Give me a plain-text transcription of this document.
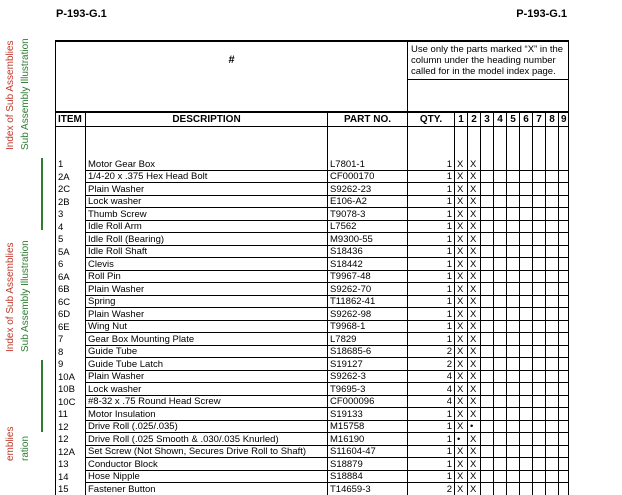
Index of Sub Assemblies Sub Assembly Illustration
Index of Sub Assemblies Sub Assembly Illustration
emblies ration
P-193-G.1	P-193-G.1
#			Use only the parts marked “X” in the column under the heading number called for in the model index page.									

ITEM	DESCRIPTION	PART NO.	QTY.	1	2	3	4	5	6	7	8	9

1	Motor Gear Box	L7801-1	1	X	X							
2A	1/4-20 x .375 Hex Head Bolt	CF000170	1	X	X							
2C	Plain Washer	S9262-23	1	X	X							
2B	Lock washer	E106-A2	1	X	X							
3	Thumb Screw	T9078-3	1	X	X							
4	Idle Roll Arm	L7562	1	X	X							
5	Idle Roll (Bearing)	M9300-55	1	X	X							
5A	Idle Roll Shaft	S18436	1	X	X							
6	Clevis	S18442	1	X	X							
6A	Roll Pin	T9967-48	1	X	X							
6B	Plain Washer	S9262-70	1	X	X							
6C	Spring	T11862-41	1	X	X							
6D	Plain Washer	S9262-98	1	X	X							
6E	Wing Nut	T9968-1	1	X	X							
7	Gear Box Mounting Plate	L7829	1	X	X							
8	Guide Tube	S18685-6	2	X	X							
9	Guide Tube Latch	S19127	2	X	X							
10A	Plain Washer	S9262-3	4	X	X							
10B	Lock washer	T9695-3	4	X	X							
10C	#8-32 x .75 Round Head Screw	CF000096	4	X	X							
11	Motor Insulation	S19133	1	X	X							
12	Drive Roll (.025/.035)	M15758	1	X	•							
12	Drive Roll (.025 Smooth & .030/.035 Knurled)	M16190	1	•	X							
12A	Set Screw (Not Shown, Secures Drive Roll to Shaft)	S11604-47	1	X	X							
13	Conductor Block	S18879	1	X	X							
14	Hose Nipple	S18884	1	X	X							
15	Fastener Button	T14659-3	2	X	X							
